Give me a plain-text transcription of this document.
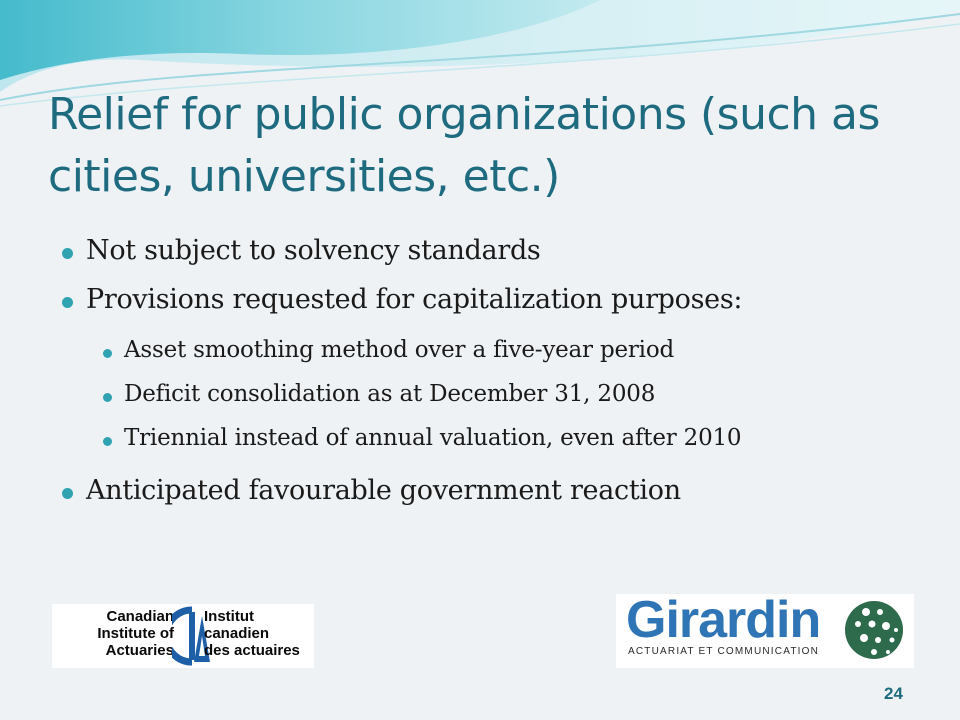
Relief for public organizations (such as
cities, universities, etc.)
Not subject to solvency standards
Provisions requested for capitalization purposes:
Asset smoothing method over a five-year period
Deficit consolidation as at December 31, 2008
Triennial instead of annual valuation, even after 2010
Anticipated favourable government reaction
Canadian
Institute of
Actuaries
Institut
canadien
des actuaires
Girardin
ACTUARIAT ET COMMUNICATION
24
